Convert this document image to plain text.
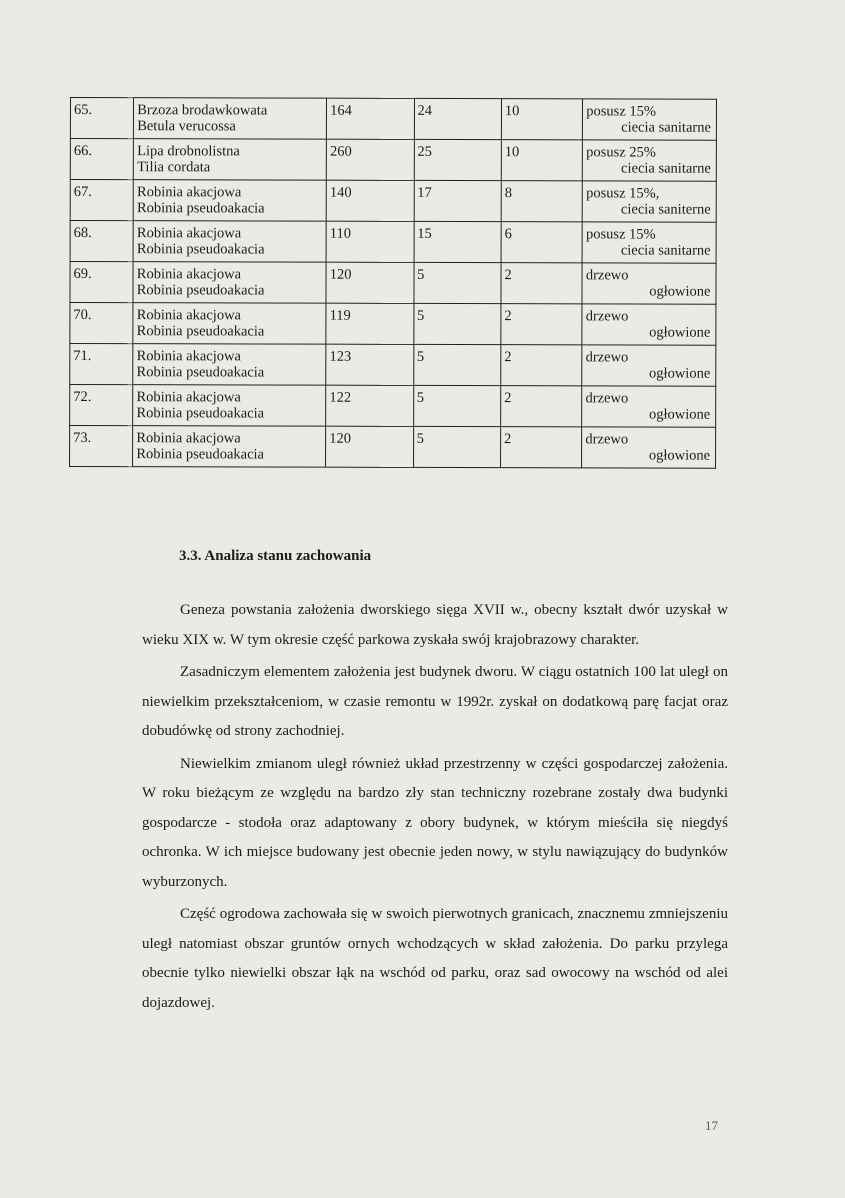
65.	Brzoza brodawkowata
Betula verucossa	164	24	10	posusz 15%
ciecia sanitarne

66.	Lipa drobnolistna
Tilia cordata	260	25	10	posusz 25%
ciecia sanitarne

67.	Robinia akacjowa
Robinia pseudoakacia	140	17	8	posusz 15%,
ciecia saniterne

68.	Robinia akacjowa
Robinia pseudoakacia	110	15	6	posusz 15%
ciecia sanitarne

69.	Robinia akacjowa
Robinia pseudoakacia	120	5	2	drzewo
ogłowione

70.	Robinia akacjowa
Robinia pseudoakacia	119	5	2	drzewo
ogłowione

71.	Robinia akacjowa
Robinia pseudoakacia	123	5	2	drzewo
ogłowione

72.	Robinia akacjowa
Robinia pseudoakacia	122	5	2	drzewo
ogłowione

73.	Robinia akacjowa
Robinia pseudoakacia	120	5	2	drzewo
ogłowione
3.3. Analiza stanu zachowania

Geneza powstania założenia dworskiego sięga XVII w., obecny kształt dwór uzyskał w wieku XIX w. W tym okresie część parkowa zyskała swój krajobrazowy charakter.

Zasadniczym elementem założenia jest budynek dworu. W ciągu ostatnich 100 lat uległ on niewielkim przekształceniom, w czasie remontu w 1992r. zyskał on dodatkową parę facjat oraz dobudówkę od strony zachodniej.

Niewielkim zmianom uległ również układ przestrzenny w części gospodarczej założenia. W roku bieżącym ze względu na bardzo zły stan techniczny rozebrane zostały dwa budynki gospodarcze - stodoła oraz adaptowany z obory budynek, w którym mieściła się niegdyś ochronka. W ich miejsce budowany jest obecnie jeden nowy, w stylu nawiązujący do budynków wyburzonych.

Część ogrodowa zachowała się w swoich pierwotnych granicach, znacznemu zmniejszeniu uległ natomiast obszar gruntów ornych wchodzących w skład założenia. Do parku przylega obecnie tylko niewielki obszar łąk na wschód od parku, oraz sad owocowy na wschód od alei dojazdowej.

17
